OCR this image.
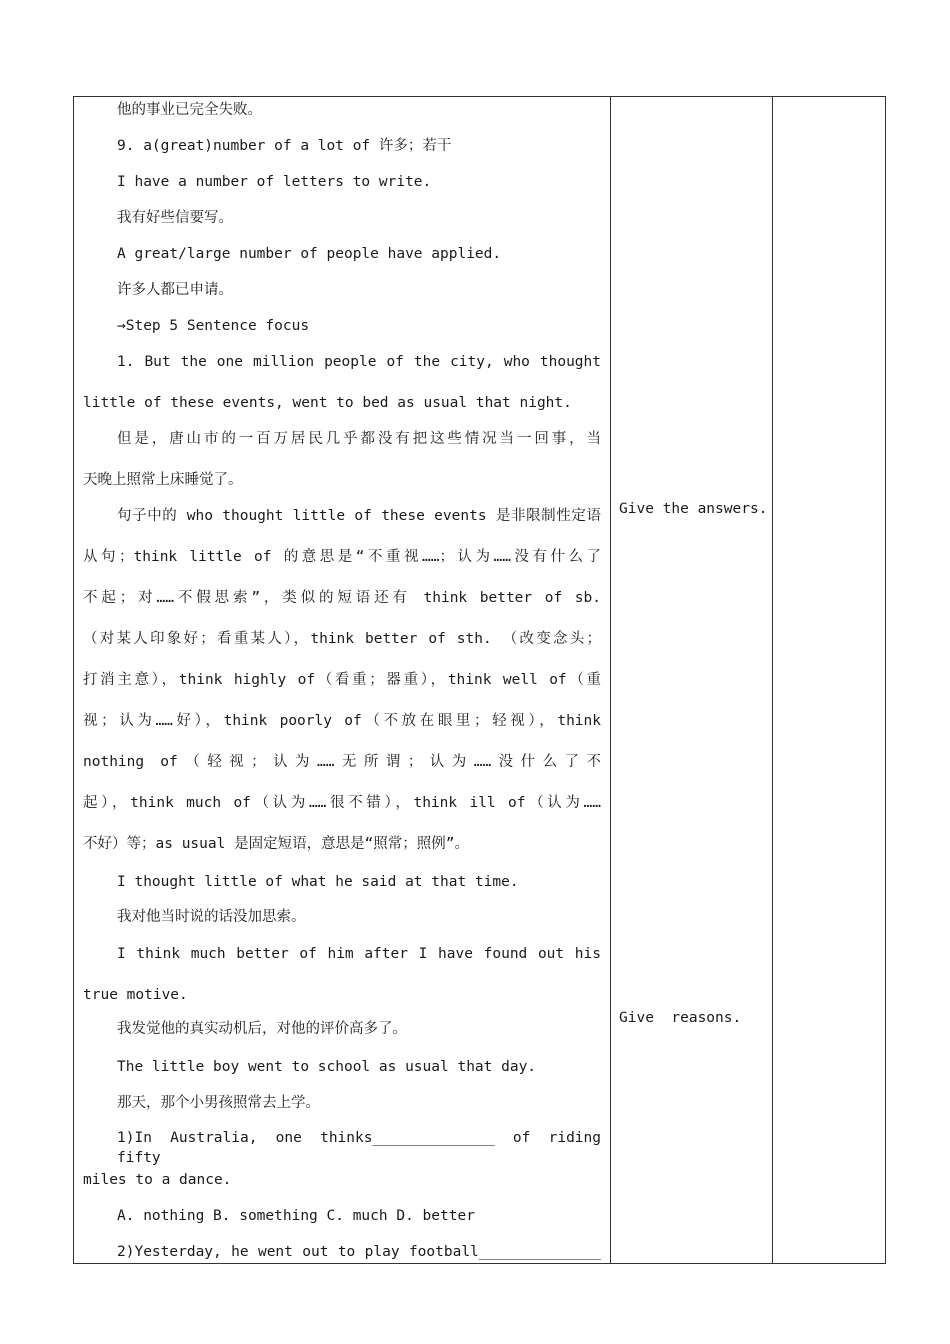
他的事业已完全失败。
9. a(great)number of a lot of 许多；若干
I have a number of letters to write.
我有好些信要写。
A great/large number of people have applied.
许多人都已申请。
→Step 5 Sentence focus
1. But the one million people of the city, who thought
little of these events, went to bed as usual that night.
但是，唐山市的一百万居民几乎都没有把这些情况当一回事，当
天晚上照常上床睡觉了。
句子中的 who thought little of these events 是非限制性定语
从句；think little of 的意思是“不重视……；认为……没有什么了
不起；对……不假思索”，类似的短语还有 think better of sb.
（对某人印象好；看重某人），think better of sth. （改变念头；
打消主意），think highly of（看重；器重），think well of（重
视；认为……好），think poorly of（不放在眼里；轻视），think
nothing of（轻视；认为……无所谓；认为……没什么了不
起），think much of（认为……很不错），think ill of（认为……
不好）等；as usual 是固定短语，意思是“照常；照例”。
I thought little of what he said at that time.
我对他当时说的话没加思索。
I think much better of him after I have found out his
true motive.
我发觉他的真实动机后，对他的评价高多了。
The little boy went to school as usual that day.
那天，那个小男孩照常去上学。
1)In Australia, one thinks______________ of riding fifty
miles to a dance.
A. nothing B. something C. much D. better
2)Yesterday, he went out to play football______________
Give the answers.
Give  reasons.
